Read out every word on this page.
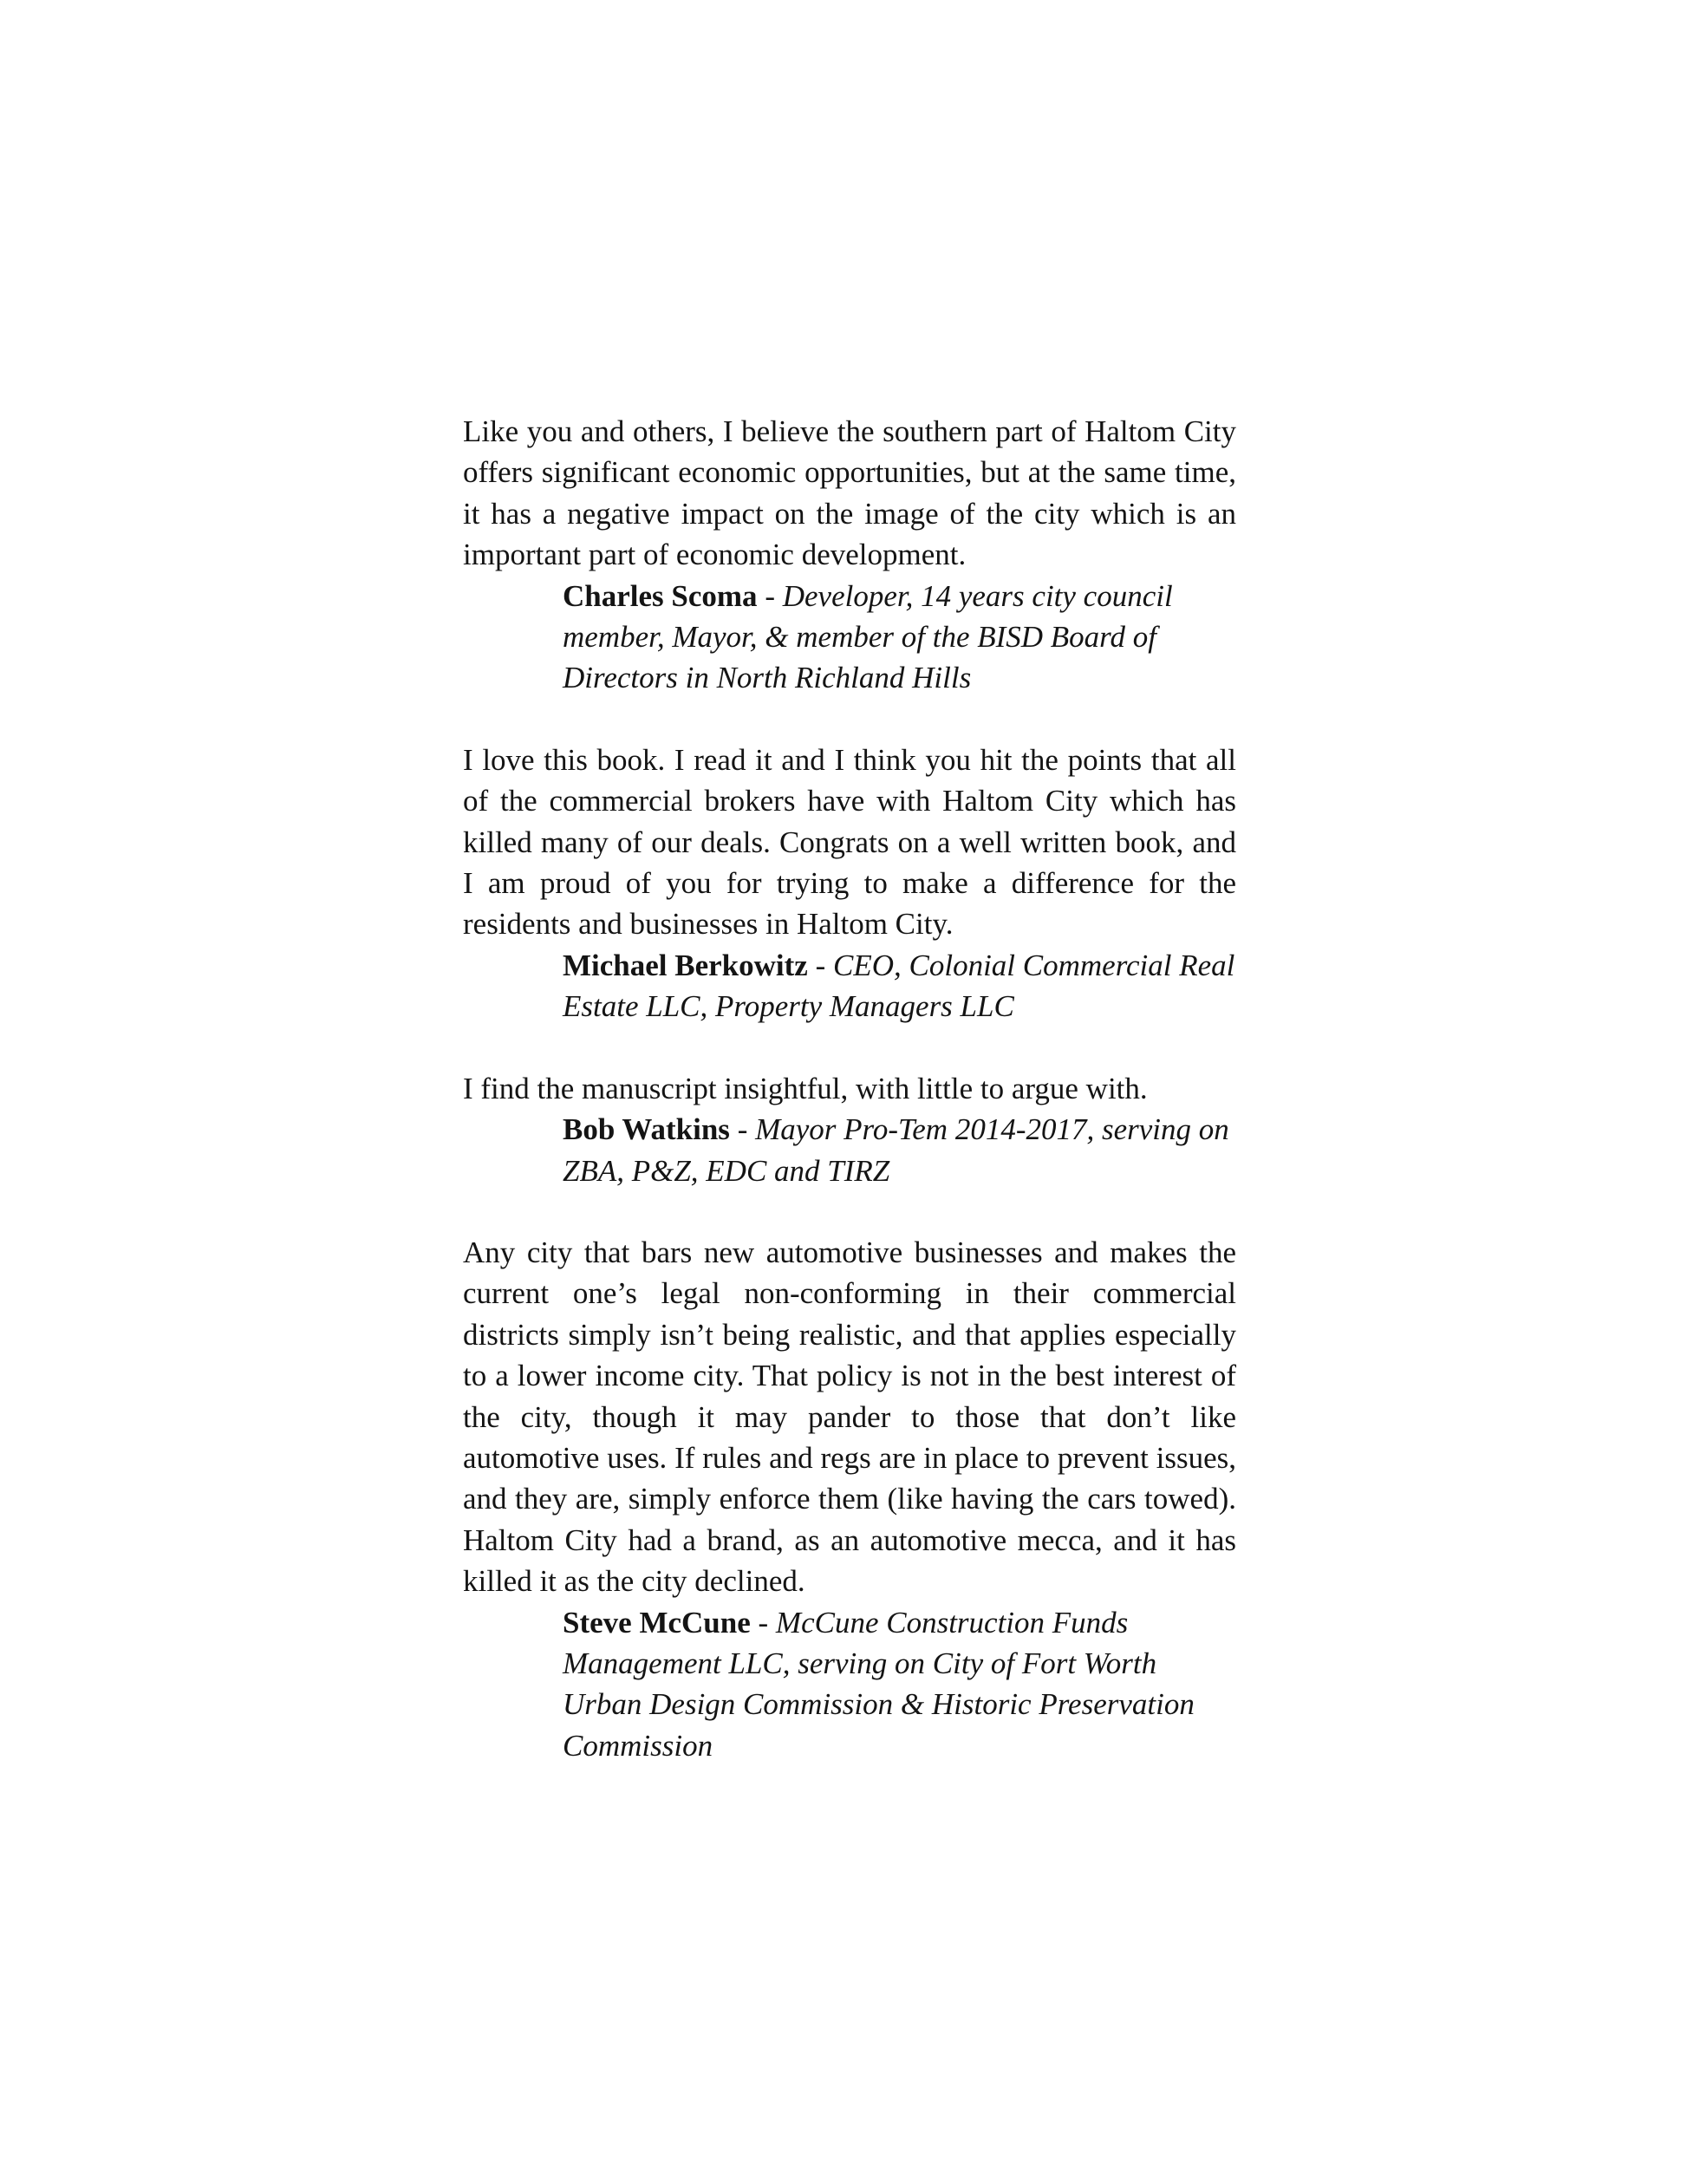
Like you and others, I believe the southern part of Haltom City offers significant economic opportunities, but at the same time, it has a negative impact on the image of the city which is an important part of economic development.

Charles Scoma - Developer, 14 years city council member, Mayor, & member of the BISD Board of Directors in North Richland Hills

I love this book. I read it and I think you hit the points that all of the commercial brokers have with Haltom City which has killed many of our deals. Congrats on a well written book, and I am proud of you for trying to make a difference for the residents and businesses in Haltom City.

Michael Berkowitz - CEO, Colonial Commercial Real Estate LLC, Property Managers LLC

I find the manuscript insightful, with little to argue with.

Bob Watkins - Mayor Pro-Tem 2014-2017, serving on ZBA, P&Z, EDC and TIRZ

Any city that bars new automotive businesses and makes the current one’s legal non-conforming in their commercial districts simply isn’t being realistic, and that applies especially to a lower income city. That policy is not in the best interest of the city, though it may pander to those that don’t like automotive uses. If rules and regs are in place to prevent issues, and they are, simply enforce them (like having the cars towed). Haltom City had a brand, as an automotive mecca, and it has killed it as the city declined.

Steve McCune - McCune Construction Funds Management LLC, serving on City of Fort Worth Urban Design Commission & Historic Preservation Commission
